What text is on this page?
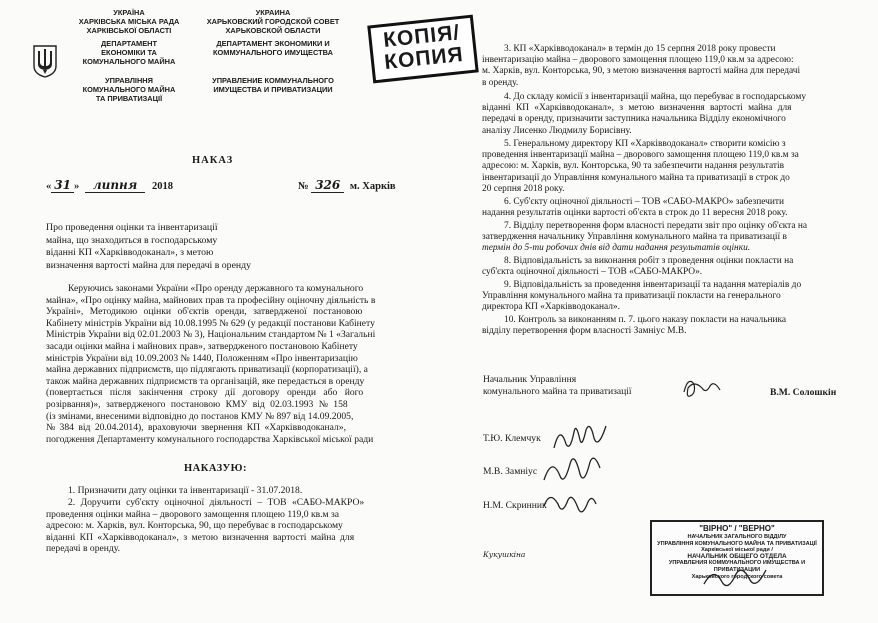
УКРАЇНА
ХАРКІВСЬКА МІСЬКА РАДА
ХАРКІВСЬКОЇ ОБЛАСТІ
ДЕПАРТАМЕНТ
ЕКОНОМІКИ ТА
КОМУНАЛЬНОГО МАЙНА
УПРАВЛІННЯ
КОМУНАЛЬНОГО МАЙНА
ТА ПРИВАТИЗАЦІЇ
УКРАИНА
ХАРЬКОВСКИЙ ГОРОДСКОЙ СОВЕТ
ХАРЬКОВСКОЙ ОБЛАСТИ
ДЕПАРТАМЕНТ ЭКОНОМИКИ И
КОММУНАЛЬНОГО ИМУЩЕСТВА
УПРАВЛЕНИЕ КОММУНАЛЬНОГО
ИМУЩЕСТВА И ПРИВАТИЗАЦИИ
КОПІЯ/
КОПИЯ
НАКАЗ
« 31 » липня 2018	№ 326 м. Харків
Про проведення оцінки та інвентаризації
майна, що знаходиться в господарському
віданні КП «Харківводоканал», з метою
визначення вартості майна для передачі в оренду
Керуючись законами України «Про оренду державного та комунального
майна», «Про оцінку майна, майнових прав та професійну оціночну діяльність в
Україні», Методикою оцінки об'єктів оренди, затвердженої постановою
Кабінету міністрів України від 10.08.1995 № 629 (у редакції постанови Кабінету
Міністрів України від 02.01.2003 № 3), Національним стандартом № 1 «Загальні
засади оцінки майна і майнових прав», затвердженого постановою Кабінету
міністрів України від 10.09.2003 № 1440, Положенням «Про інвентаризацію
майна державних підприємств, що підлягають приватизації (корпоратизації), а
також майна державних підприємств та організацій, яке передається в оренду
(повертається після закінчення строку дії договору оренди або його
розірвання)», затвердженого постановою КМУ від 02.03.1993 № 158
(із змінами, внесеними відповідно до постанов КМУ № 897 від 14.09.2005,
№ 384 від 20.04.2014), враховуючи звернення КП «Харківводоканал»,
погодження Департаменту комунального господарства Харківської міської ради
НАКАЗУЮ:
1. Призначити дату оцінки та інвентаризації - 31.07.2018.
2. Доручити суб'єкту оціночної діяльності – ТОВ «САБО-МАКРО»
проведення оцінки майна – дворового замощення площею 119,0 кв.м за
адресою: м. Харків, вул. Конторська, 90, що перебуває в господарському
віданні КП «Харківводоканал», з метою визначення вартості майна для
передачі в оренду.
3. КП «Харківводоканал» в термін до 15 серпня 2018 року провести
інвентаризацію майна – дворового замощення площею 119,0 кв.м за адресою:
м. Харків, вул. Конторська, 90, з метою визначення вартості майна для передачі
в оренду.
4. До складу комісії з інвентаризації майна, що перебуває в господарському
віданні КП «Харківводоканал», з метою визначення вартості майна для
передачі в оренду, призначити заступника начальника Відділу економічного
аналізу Лисенко Людмилу Борисівну.
5. Генеральному директору КП «Харківводоканал» створити комісію з
проведення інвентаризації майна – дворового замощення площею 119,0 кв.м за
адресою: м. Харків, вул. Конторська, 90 та забезпечити надання результатів
інвентаризації до Управління комунального майна та приватизації в строк до
20 серпня 2018 року.
6. Суб'єкту оціночної діяльності – ТОВ «САБО-МАКРО» забезпечити
надання результатів оцінки вартості об'єкта в строк до 11 вересня 2018 року.
7. Відділу перетворення форм власності передати звіт про оцінку об'єкта на
затвердження начальнику Управління комунального майна та приватизації в
термін до 5-ти робочих днів від дати надання результатів оцінки.
8. Відповідальність за виконання робіт з проведення оцінки покласти на
суб'єкта оціночної діяльності – ТОВ «САБО-МАКРО».
9. Відповідальність за проведення інвентаризації та надання матеріалів до
Управління комунального майна та приватизації покласти на генерального
директора КП «Харківводоканал».
10. Контроль за виконанням п. 7. цього наказу покласти на начальника
відділу перетворення форм власності Замніус М.В.
Начальник Управління
комунального майна та приватизації	В.М. Солошкін
Т.Ю. Клемчук
М.В. Замніус
Н.М. Скринник
Кукушкіна
"ВІРНО" / "ВЕРНО"
НАЧАЛЬНИК ЗАГАЛЬНОГО ВІДДІЛУ
УПРАВЛІННЯ КОМУНАЛЬНОГО МАЙНА ТА ПРИВАТИЗАЦІЇ
Харківської міської ради /
НАЧАЛЬНИК ОБЩЕГО ОТДЕЛА
УПРАВЛЕНИЯ КОММУНАЛЬНОГО ИМУЩЕСТВА И ПРИВАТИЗАЦИИ
Харьковского городского совета
